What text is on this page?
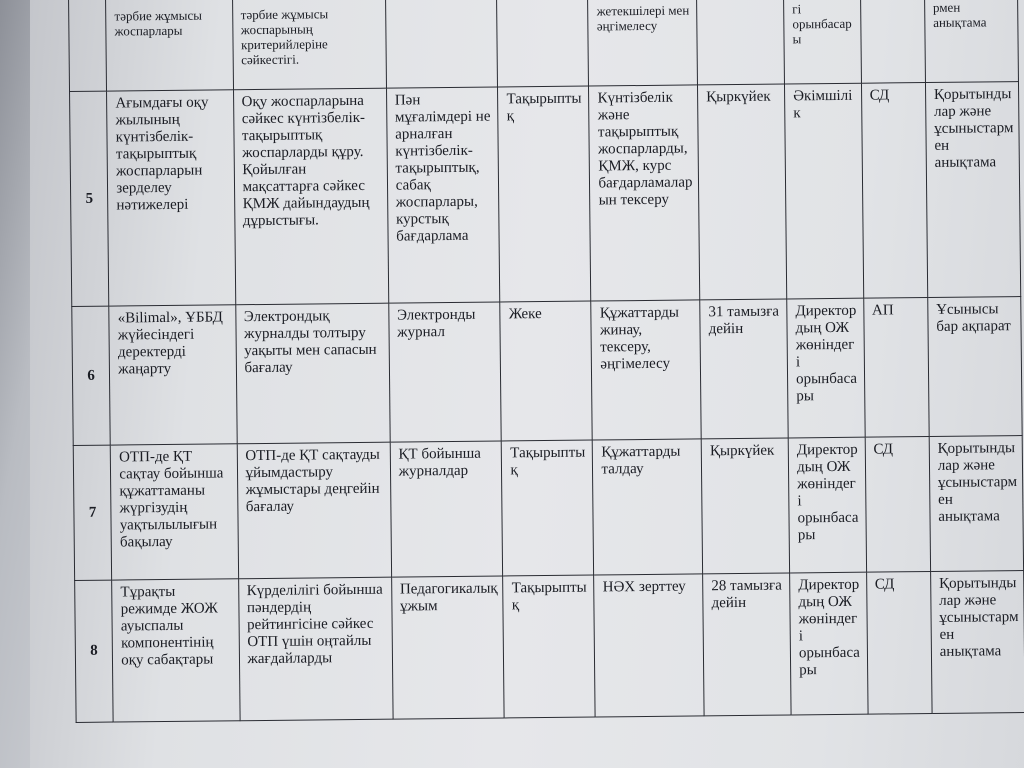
	тәрбие жұмысы жоспарлары	тәрбие жұмысы жоспарының критерийлеріне сәйкестігі.			жетекшілері мен әңгімелесу		гі орынбасары		рмен анықтама
5	Ағымдағы оқу жылының күнтізбелік-тақырыптық жоспарларын зерделеу нәтижелері	Оқу жоспарларына сәйкес күнтізбелік-тақырыптық жоспарларды құру. Қойылған мақсаттарға сәйкес ҚМЖ дайындаудың дұрыстығы.	Пән мұғалімдері не арналған күнтізбелік-тақырыптық, сабақ жоспарлары, курстық бағдарлама	Тақырыптық	Күнтізбелік және тақырыптық жоспарларды, ҚМЖ, курс бағдарламаларын тексеру	Қыркүйек	Әкімшілік	СД	Қорытындылар және ұсыныстармен анықтама
6	«Bilimal», ҰББД жүйесіндегі деректерді жаңарту	Электрондық журналды толтыру уақыты мен сапасын бағалау	Электронды журнал	Жеке	Құжаттарды жинау, тексеру, әңгімелесу	31 тамызға дейін	Директордың ОЖ жөніндегі орынбасары	АП	Ұсынысы бар ақпарат
7	ОТП-де ҚТ сақтау бойынша құжаттаманы жүргізудің уақтылылығын бақылау	ОТП-де ҚТ сақтауды ұйымдастыру жұмыстары деңгейін бағалау	ҚТ бойынша журналдар	Тақырыптық	Құжаттарды талдау	Қыркүйек	Директордың ОЖ жөніндегі орынбасары	СД	Қорытындылар және ұсыныстармен анықтама
8	Тұрақты режимде ЖОЖ ауыспалы компонентінің оқу сабақтары	Күрделілігі бойынша пәндердің рейтингісіне сәйкес ОТП үшін оңтайлы жағдайларды	Педагогикалық ұжым	Тақырыптық	НӘХ зерттеу	28 тамызға дейін	Директордың ОЖ жөніндегі орынбасары	СД	Қорытындылар және ұсыныстармен анықтама
